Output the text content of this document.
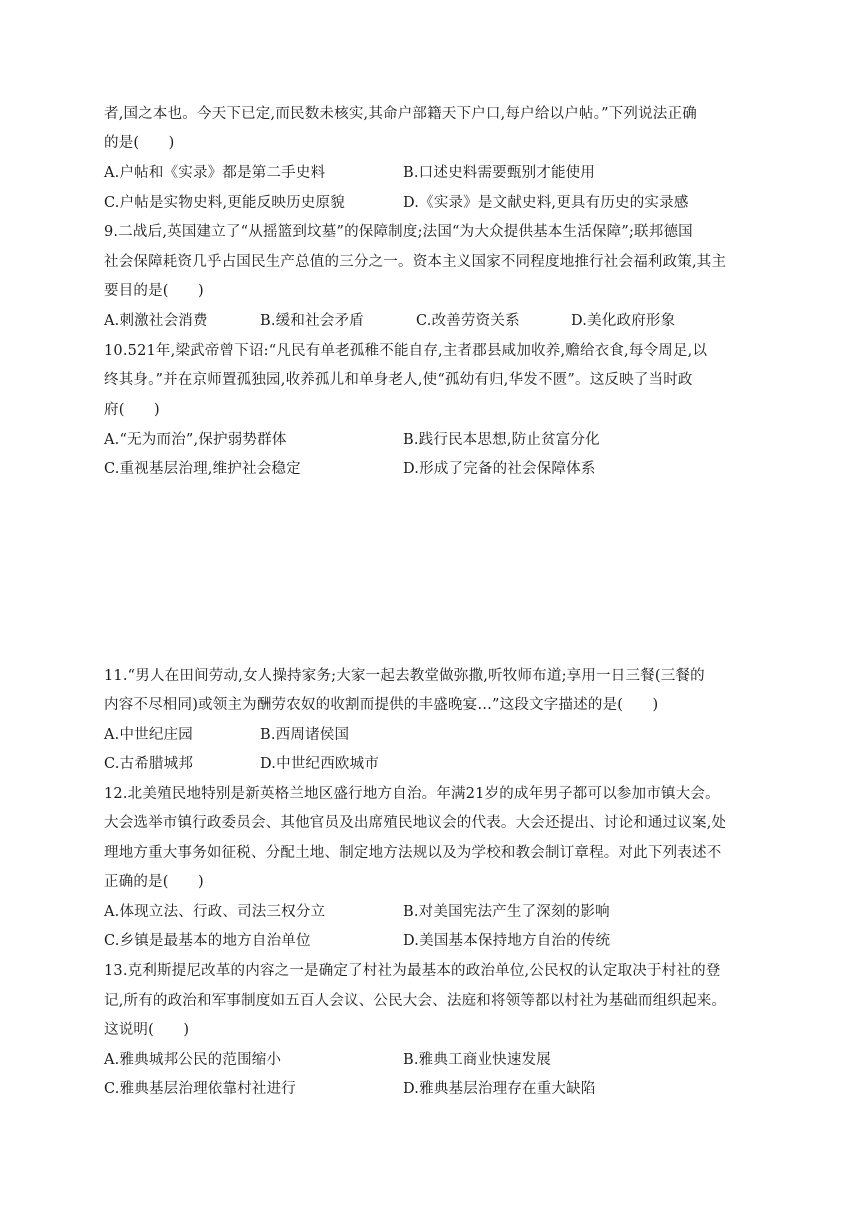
者,国之本也。今天下已定,而民数未核实,其命户部籍天下户口,每户给以户帖。”下列说法正确
的是(　　)
A.户帖和《实录》都是第二手史料	B.口述史料需要甄别才能使用
C.户帖是实物史料,更能反映历史原貌	D.《实录》是文献史料,更具有历史的实录感
9.二战后,英国建立了“从摇篮到坟墓”的保障制度;法国“为大众提供基本生活保障”;联邦德国
社会保障耗资几乎占国民生产总值的三分之一。资本主义国家不同程度地推行社会福利政策,其主
要目的是(　　)
A.刺激社会消费	B.缓和社会矛盾	C.改善劳资关系	D.美化政府形象
10.521年,梁武帝曾下诏:“凡民有单老孤稚不能自存,主者郡县咸加收养,赡给衣食,每令周足,以
终其身。”并在京师置孤独园,收养孤儿和单身老人,使“孤幼有归,华发不匮”。这反映了当时政
府(　　)
A.“无为而治”,保护弱势群体	B.践行民本思想,防止贫富分化
C.重视基层治理,维护社会稳定	D.形成了完备的社会保障体系
11.“男人在田间劳动,女人操持家务;大家一起去教堂做弥撒,听牧师布道;享用一日三餐(三餐的
内容不尽相同)或领主为酬劳农奴的收割而提供的丰盛晚宴…”这段文字描述的是(　　)
A.中世纪庄园	B.西周诸侯国
C.古希腊城邦	D.中世纪西欧城市
12.北美殖民地特别是新英格兰地区盛行地方自治。年满21岁的成年男子都可以参加市镇大会。
大会选举市镇行政委员会、其他官员及出席殖民地议会的代表。大会还提出、讨论和通过议案,处
理地方重大事务如征税、分配土地、制定地方法规以及为学校和教会制订章程。对此下列表述不
正确的是(　　)
A.体现立法、行政、司法三权分立	B.对美国宪法产生了深刻的影响
C.乡镇是最基本的地方自治单位	D.美国基本保持地方自治的传统
13.克利斯提尼改革的内容之一是确定了村社为最基本的政治单位,公民权的认定取决于村社的登
记,所有的政治和军事制度如五百人会议、公民大会、法庭和将领等都以村社为基础而组织起来。
这说明(　　)
A.雅典城邦公民的范围缩小	B.雅典工商业快速发展
C.雅典基层治理依靠村社进行	D.雅典基层治理存在重大缺陷
